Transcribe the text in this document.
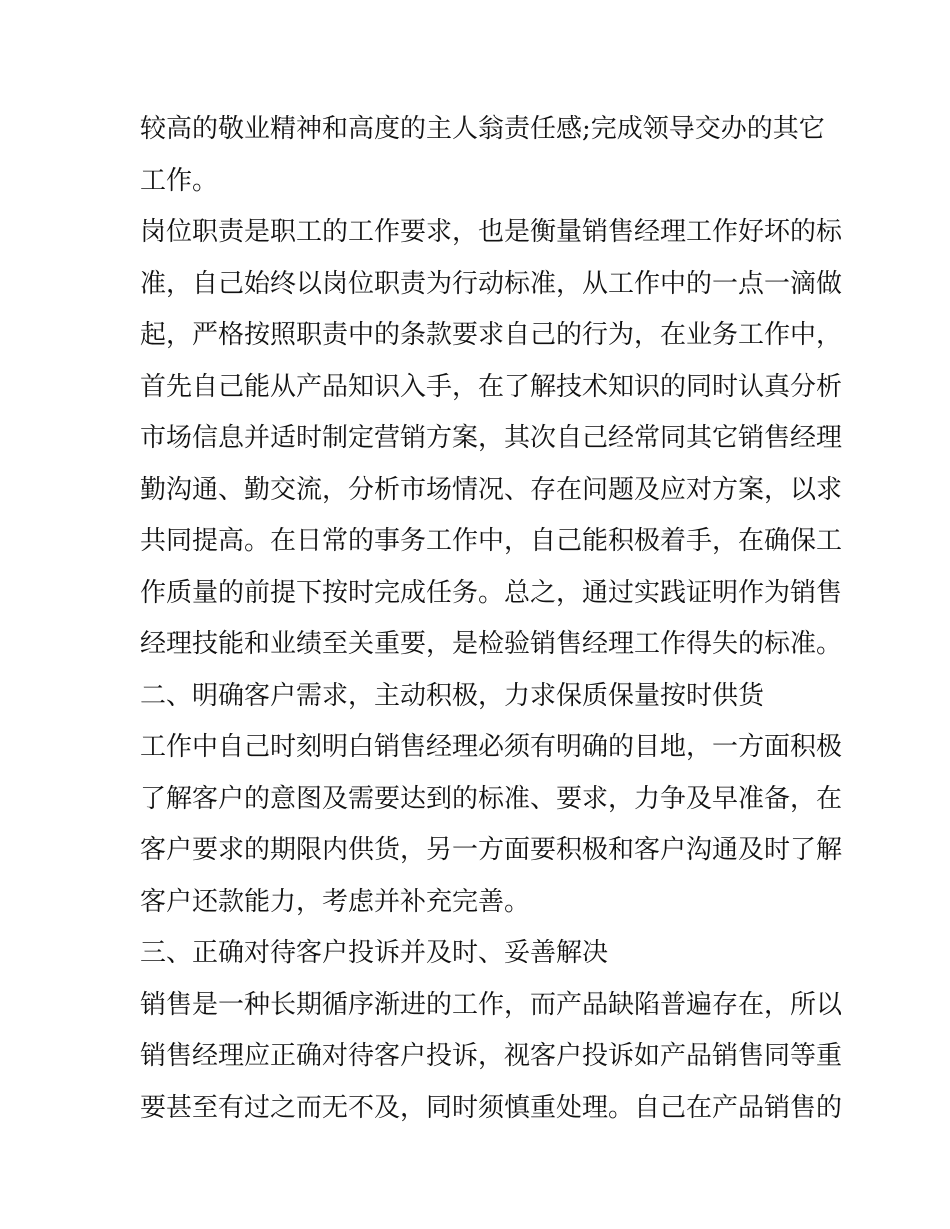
较高的敬业精神和高度的主人翁责任感;完成领导交办的其它
工作。
岗位职责是职工的工作要求，也是衡量销售经理工作好坏的标
准，自己始终以岗位职责为行动标准，从工作中的一点一滴做
起，严格按照职责中的条款要求自己的行为，在业务工作中，
首先自己能从产品知识入手，在了解技术知识的同时认真分析
市场信息并适时制定营销方案，其次自己经常同其它销售经理
勤沟通、勤交流，分析市场情况、存在问题及应对方案，以求
共同提高。在日常的事务工作中，自己能积极着手，在确保工
作质量的前提下按时完成任务。总之，通过实践证明作为销售
经理技能和业绩至关重要，是检验销售经理工作得失的标准。
二、明确客户需求，主动积极，力求保质保量按时供货
工作中自己时刻明白销售经理必须有明确的目地，一方面积极
了解客户的意图及需要达到的标准、要求，力争及早准备，在
客户要求的期限内供货，另一方面要积极和客户沟通及时了解
客户还款能力，考虑并补充完善。
三、正确对待客户投诉并及时、妥善解决
销售是一种长期循序渐进的工作，而产品缺陷普遍存在，所以
销售经理应正确对待客户投诉，视客户投诉如产品销售同等重
要甚至有过之而无不及，同时须慎重处理。自己在产品销售的
